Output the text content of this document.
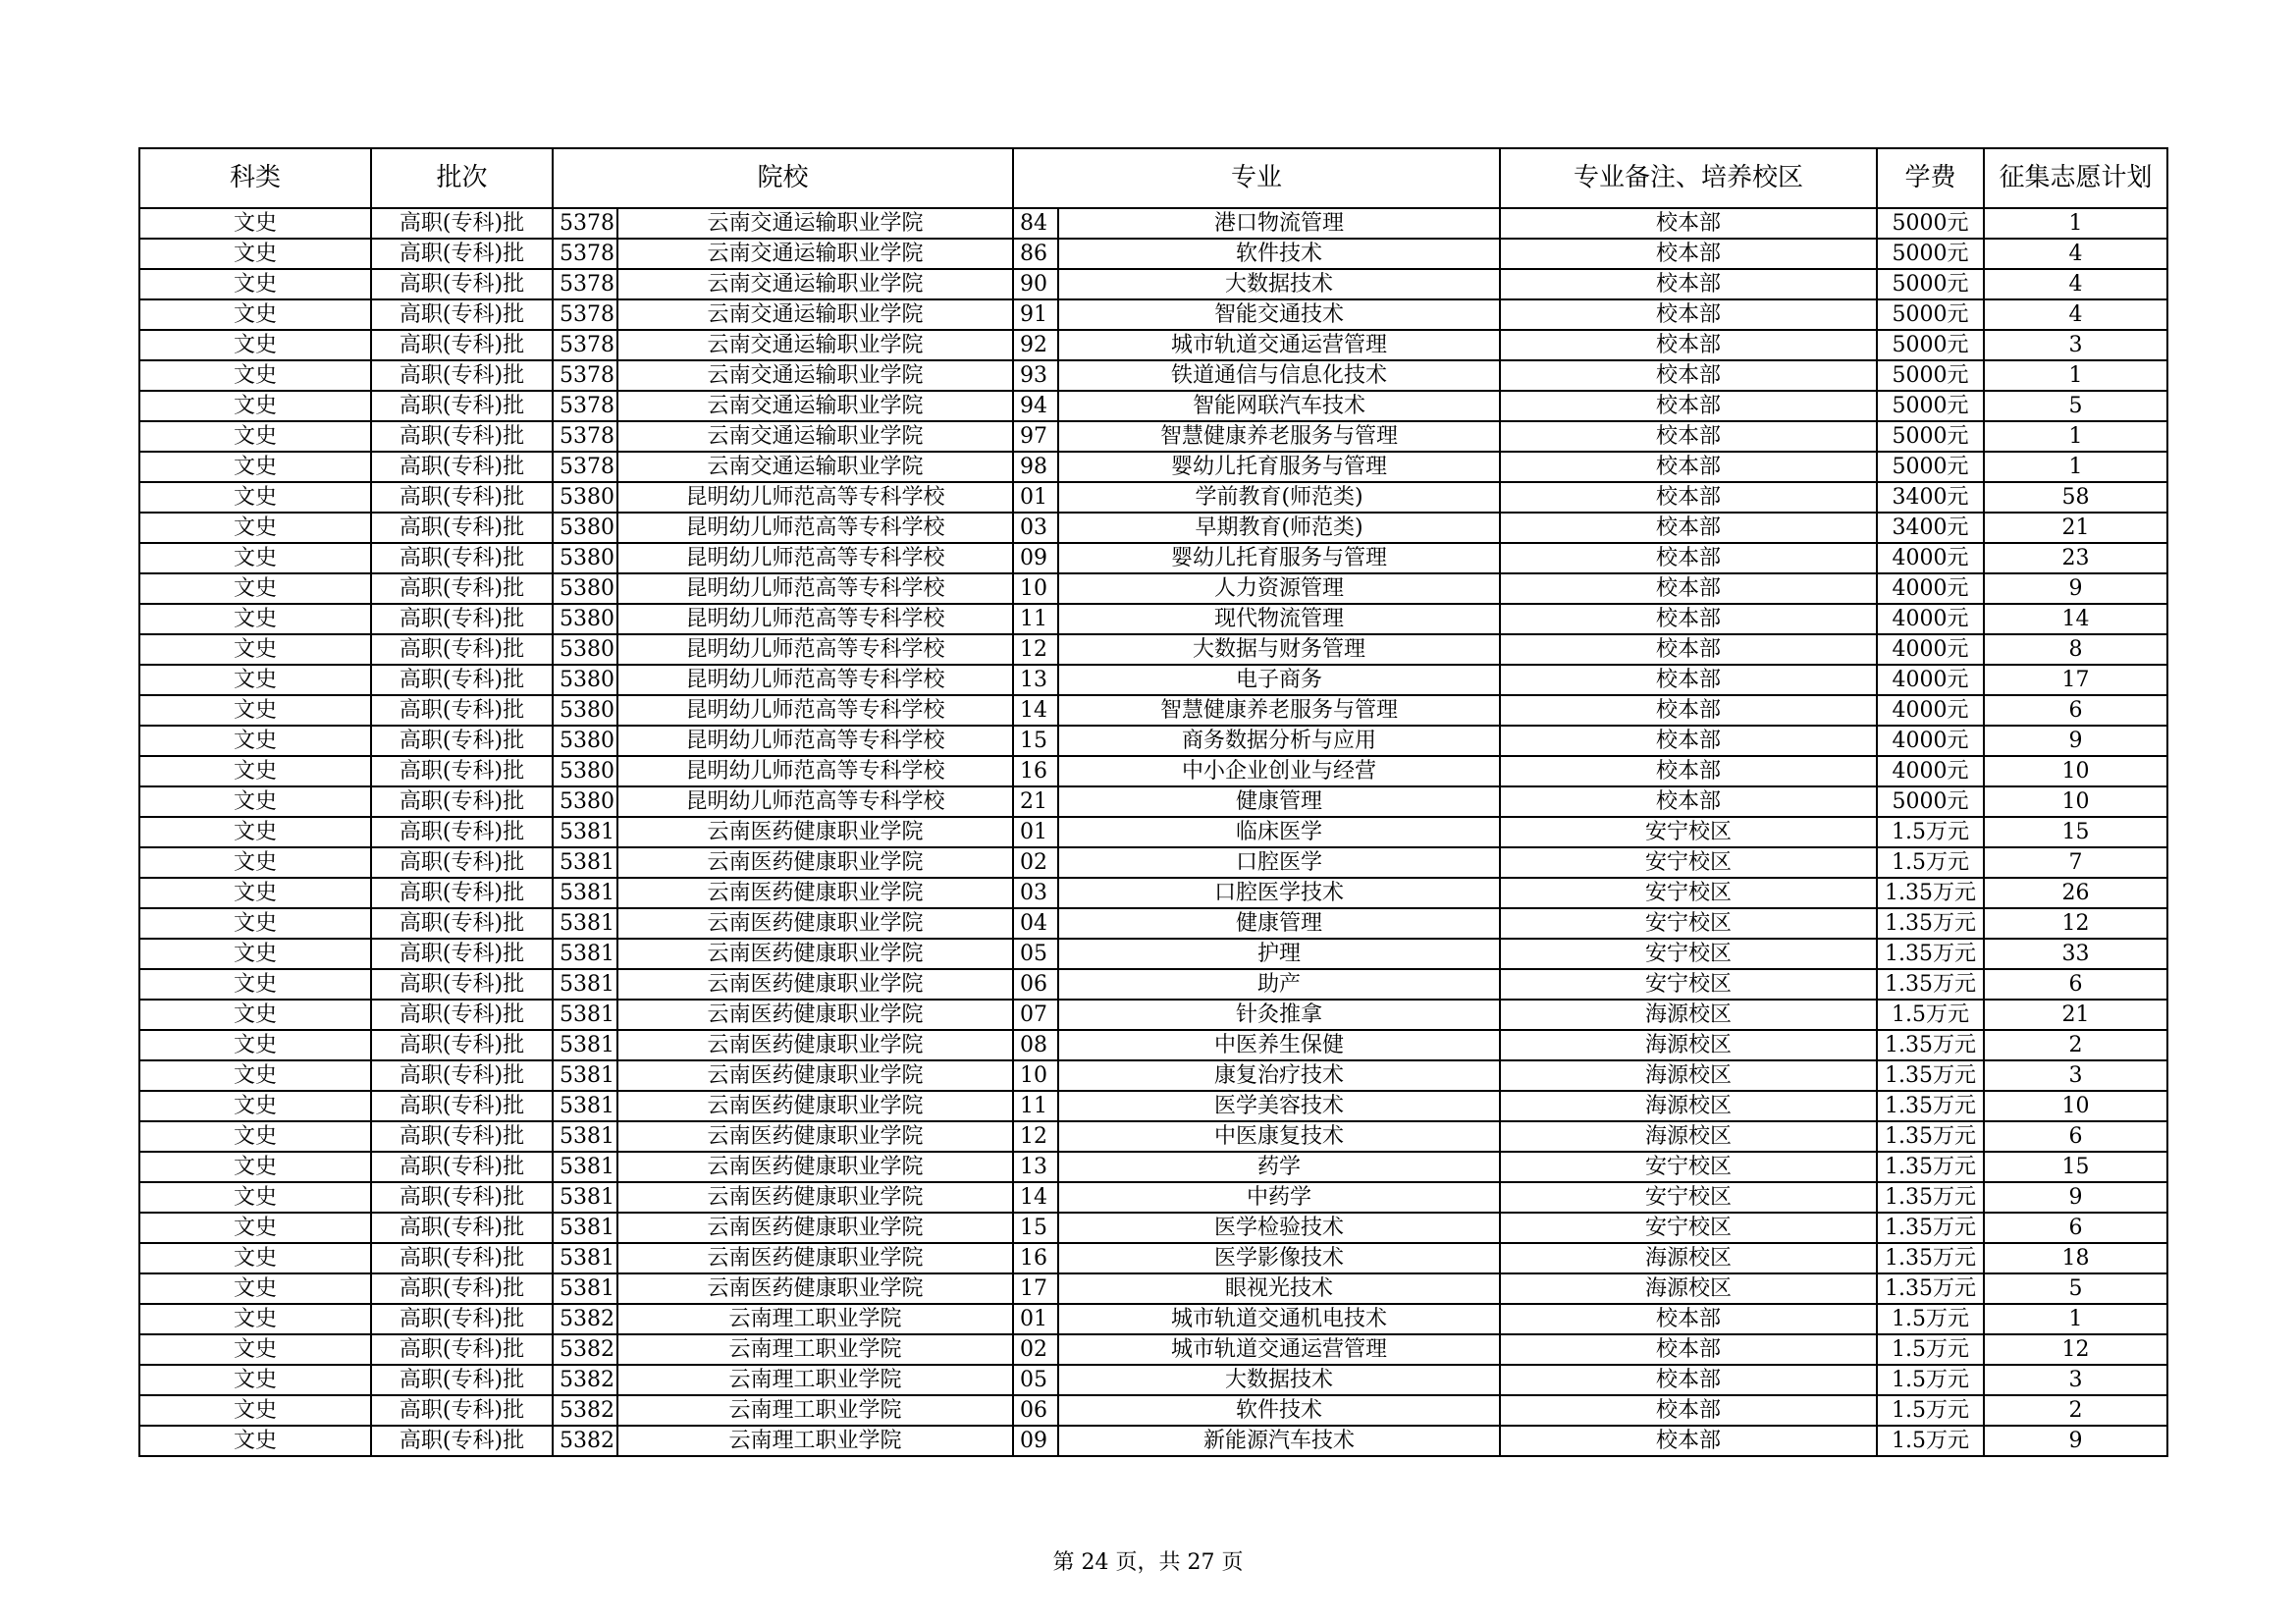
科类	批次	院校		专业		专业备注、培养校区	学费	征集志愿计划
文史	高职(专科)批	5378	云南交通运输职业学院	84	港口物流管理	校本部	5000元	1
文史	高职(专科)批	5378	云南交通运输职业学院	86	软件技术	校本部	5000元	4
文史	高职(专科)批	5378	云南交通运输职业学院	90	大数据技术	校本部	5000元	4
文史	高职(专科)批	5378	云南交通运输职业学院	91	智能交通技术	校本部	5000元	4
文史	高职(专科)批	5378	云南交通运输职业学院	92	城市轨道交通运营管理	校本部	5000元	3
文史	高职(专科)批	5378	云南交通运输职业学院	93	铁道通信与信息化技术	校本部	5000元	1
文史	高职(专科)批	5378	云南交通运输职业学院	94	智能网联汽车技术	校本部	5000元	5
文史	高职(专科)批	5378	云南交通运输职业学院	97	智慧健康养老服务与管理	校本部	5000元	1
文史	高职(专科)批	5378	云南交通运输职业学院	98	婴幼儿托育服务与管理	校本部	5000元	1
文史	高职(专科)批	5380	昆明幼儿师范高等专科学校	01	学前教育(师范类)	校本部	3400元	58
文史	高职(专科)批	5380	昆明幼儿师范高等专科学校	03	早期教育(师范类)	校本部	3400元	21
文史	高职(专科)批	5380	昆明幼儿师范高等专科学校	09	婴幼儿托育服务与管理	校本部	4000元	23
文史	高职(专科)批	5380	昆明幼儿师范高等专科学校	10	人力资源管理	校本部	4000元	9
文史	高职(专科)批	5380	昆明幼儿师范高等专科学校	11	现代物流管理	校本部	4000元	14
文史	高职(专科)批	5380	昆明幼儿师范高等专科学校	12	大数据与财务管理	校本部	4000元	8
文史	高职(专科)批	5380	昆明幼儿师范高等专科学校	13	电子商务	校本部	4000元	17
文史	高职(专科)批	5380	昆明幼儿师范高等专科学校	14	智慧健康养老服务与管理	校本部	4000元	6
文史	高职(专科)批	5380	昆明幼儿师范高等专科学校	15	商务数据分析与应用	校本部	4000元	9
文史	高职(专科)批	5380	昆明幼儿师范高等专科学校	16	中小企业创业与经营	校本部	4000元	10
文史	高职(专科)批	5380	昆明幼儿师范高等专科学校	21	健康管理	校本部	5000元	10
文史	高职(专科)批	5381	云南医药健康职业学院	01	临床医学	安宁校区	1.5万元	15
文史	高职(专科)批	5381	云南医药健康职业学院	02	口腔医学	安宁校区	1.5万元	7
文史	高职(专科)批	5381	云南医药健康职业学院	03	口腔医学技术	安宁校区	1.35万元	26
文史	高职(专科)批	5381	云南医药健康职业学院	04	健康管理	安宁校区	1.35万元	12
文史	高职(专科)批	5381	云南医药健康职业学院	05	护理	安宁校区	1.35万元	33
文史	高职(专科)批	5381	云南医药健康职业学院	06	助产	安宁校区	1.35万元	6
文史	高职(专科)批	5381	云南医药健康职业学院	07	针灸推拿	海源校区	1.5万元	21
文史	高职(专科)批	5381	云南医药健康职业学院	08	中医养生保健	海源校区	1.35万元	2
文史	高职(专科)批	5381	云南医药健康职业学院	10	康复治疗技术	海源校区	1.35万元	3
文史	高职(专科)批	5381	云南医药健康职业学院	11	医学美容技术	海源校区	1.35万元	10
文史	高职(专科)批	5381	云南医药健康职业学院	12	中医康复技术	海源校区	1.35万元	6
文史	高职(专科)批	5381	云南医药健康职业学院	13	药学	安宁校区	1.35万元	15
文史	高职(专科)批	5381	云南医药健康职业学院	14	中药学	安宁校区	1.35万元	9
文史	高职(专科)批	5381	云南医药健康职业学院	15	医学检验技术	安宁校区	1.35万元	6
文史	高职(专科)批	5381	云南医药健康职业学院	16	医学影像技术	海源校区	1.35万元	18
文史	高职(专科)批	5381	云南医药健康职业学院	17	眼视光技术	海源校区	1.35万元	5
文史	高职(专科)批	5382	云南理工职业学院	01	城市轨道交通机电技术	校本部	1.5万元	1
文史	高职(专科)批	5382	云南理工职业学院	02	城市轨道交通运营管理	校本部	1.5万元	12
文史	高职(专科)批	5382	云南理工职业学院	05	大数据技术	校本部	1.5万元	3
文史	高职(专科)批	5382	云南理工职业学院	06	软件技术	校本部	1.5万元	2
文史	高职(专科)批	5382	云南理工职业学院	09	新能源汽车技术	校本部	1.5万元	9
第 24 页，共 27 页
